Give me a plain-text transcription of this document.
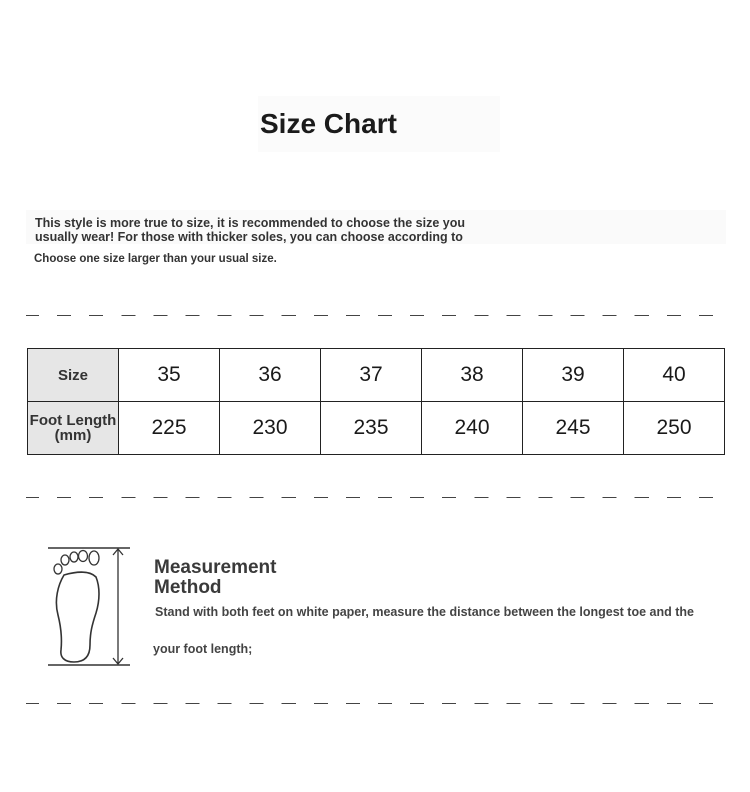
Size Chart
This style is more true to size, it is recommended to choose the size you
usually wear! For those with thicker soles, you can choose according to
Choose one size larger than your usual size.
Size	35	36	37	38	39	40
Foot Length
(mm)	225	230	235	240	245	250
Measurement
Method
Stand with both feet on white paper, measure the distance between the longest toe and the
your foot length;
